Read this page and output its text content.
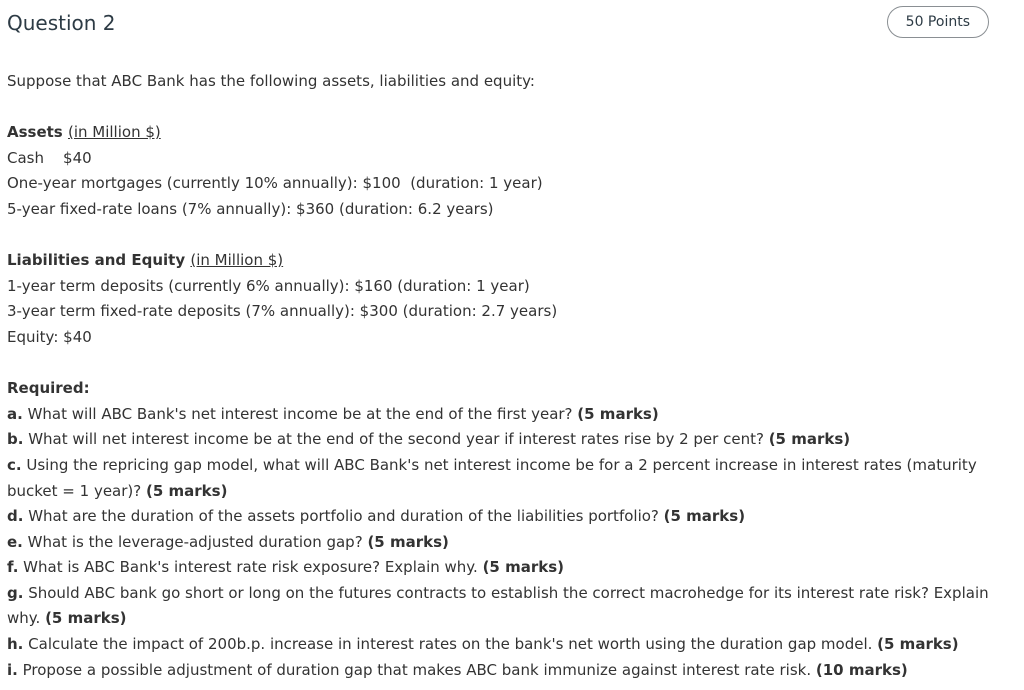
Question 2	50 Points
Suppose that ABC Bank has the following assets, liabilities and equity:
Assets (in Million $)
Cash    $40
One-year mortgages (currently 10% annually): $100  (duration: 1 year)
5-year fixed-rate loans (7% annually): $360 (duration: 6.2 years)
Liabilities and Equity (in Million $)
1-year term deposits (currently 6% annually): $160 (duration: 1 year)
3-year term fixed-rate deposits (7% annually): $300 (duration: 2.7 years)
Equity: $40
Required:
a. What will ABC Bank's net interest income be at the end of the first year? (5 marks)
b. What will net interest income be at the end of the second year if interest rates rise by 2 per cent? (5 marks)
c. Using the repricing gap model, what will ABC Bank's net interest income be for a 2 percent increase in interest rates (maturity bucket = 1 year)? (5 marks)
d. What are the duration of the assets portfolio and duration of the liabilities portfolio? (5 marks)
e. What is the leverage-adjusted duration gap? (5 marks)
f. What is ABC Bank's interest rate risk exposure? Explain why. (5 marks)
g. Should ABC bank go short or long on the futures contracts to establish the correct macrohedge for its interest rate risk? Explain why. (5 marks)
h. Calculate the impact of 200b.p. increase in interest rates on the bank's net worth using the duration gap model. (5 marks)
i. Propose a possible adjustment of duration gap that makes ABC bank immunize against interest rate risk. (10 marks)
